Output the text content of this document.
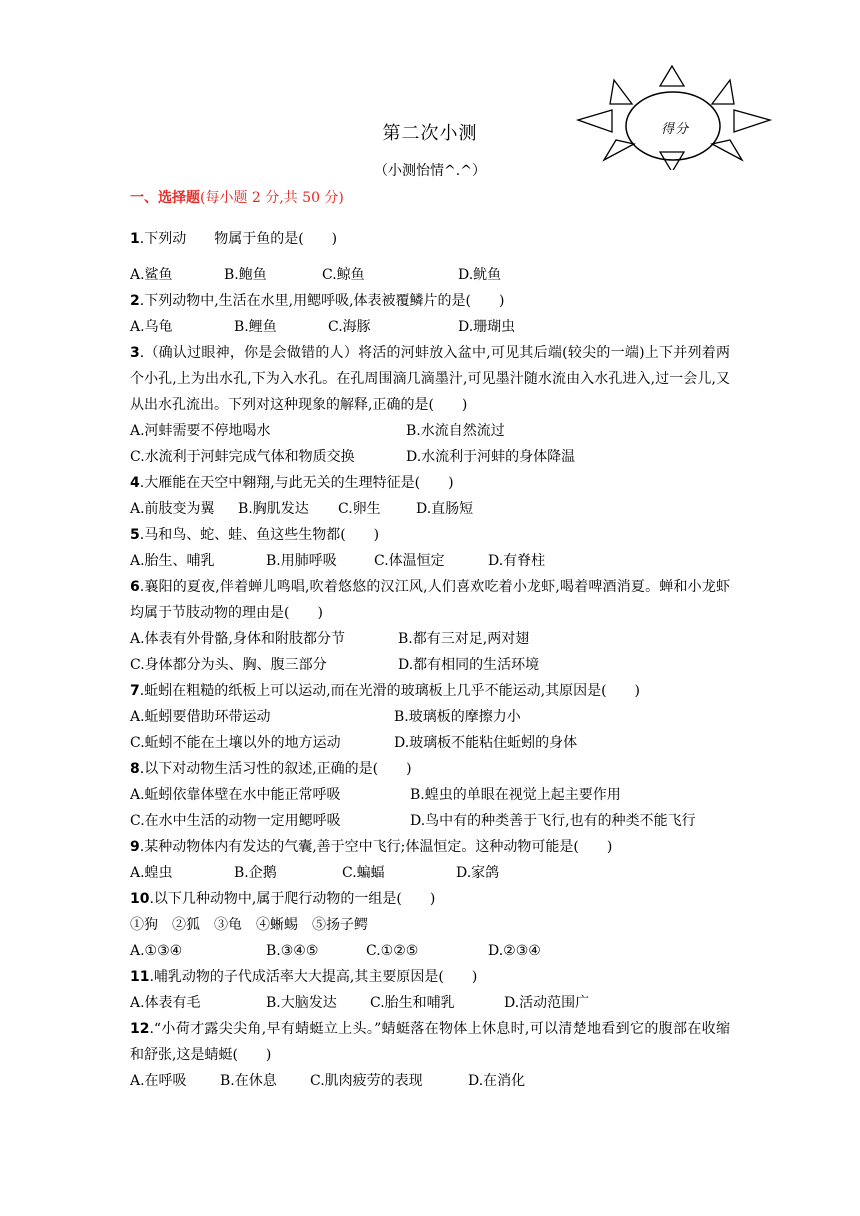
得分
第二次小测
（小测怡情^.^）
一、选择题(每小题 2 分,共 50 分)
1.下列动　　物属于鱼的是(　　)
A.鲨鱼	B.鲍鱼	C.鲸鱼	D.鱿鱼
2.下列动物中,生活在水里,用鳃呼吸,体表被覆鳞片的是(　　)
A.乌龟	B.鲤鱼	C.海豚	D.珊瑚虫
3.（确认过眼神，你是会做错的人）将活的河蚌放入盆中,可见其后端(较尖的一端)上下并列着两个小孔,上为出水孔,下为入水孔。在孔周围滴几滴墨汁,可见墨汁随水流由入水孔进入,过一会儿,又从出水孔流出。下列对这种现象的解释,正确的是(　　)
A.河蚌需要不停地喝水	B.水流自然流过
C.水流利于河蚌完成气体和物质交换	D.水流利于河蚌的身体降温
4.大雁能在天空中翱翔,与此无关的生理特征是(　　)
A.前肢变为翼 B.胸肌发达 C.卵生	D.直肠短
5.马和鸟、蛇、蛙、鱼这些生物都(　　)
A.胎生、哺乳	B.用肺呼吸	C.体温恒定	D.有脊柱
6.襄阳的夏夜,伴着蝉儿鸣唱,吹着悠悠的汉江风,人们喜欢吃着小龙虾,喝着啤酒消夏。蝉和小龙虾均属于节肢动物的理由是(　　)
A.体表有外骨骼,身体和附肢都分节	B.都有三对足,两对翅
C.身体都分为头、胸、腹三部分	D.都有相同的生活环境
7.蚯蚓在粗糙的纸板上可以运动,而在光滑的玻璃板上几乎不能运动,其原因是(　　)
A.蚯蚓要借助环带运动	B.玻璃板的摩擦力小
C.蚯蚓不能在土壤以外的地方运动	D.玻璃板不能粘住蚯蚓的身体
8.以下对动物生活习性的叙述,正确的是(　　)
A.蚯蚓依靠体壁在水中能正常呼吸	B.蝗虫的单眼在视觉上起主要作用
C.在水中生活的动物一定用鳃呼吸	D.鸟中有的种类善于飞行,也有的种类不能飞行
9.某种动物体内有发达的气囊,善于空中飞行;体温恒定。这种动物可能是(　　)
A.蝗虫	B.企鹅	C.蝙蝠	D.家鸽
10.以下几种动物中,属于爬行动物的一组是(　　)
①狗　②狐　③龟　④蜥蜴　⑤扬子鳄
A.①③④	B.③④⑤	C.①②⑤	D.②③④
11.哺乳动物的子代成活率大大提高,其主要原因是(　　)
A.体表有毛	B.大脑发达 C.胎生和哺乳	D.活动范围广
12.“小荷才露尖尖角,早有蜻蜓立上头。”蜻蜓落在物体上休息时,可以清楚地看到它的腹部在收缩和舒张,这是蜻蜓(　　)
A.在呼吸 B.在休息 C.肌肉疲劳的表现	D.在消化
